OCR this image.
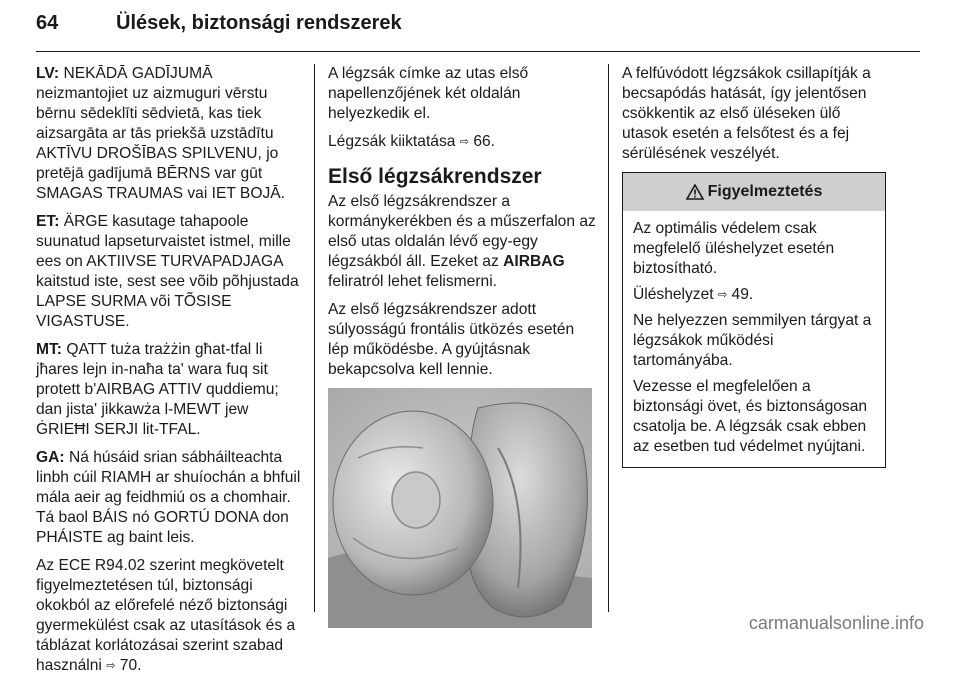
64	Ülések, biztonsági rendszerek

LV: NEKĀDĀ GADĪJUMĀ neizmantojiet uz aizmuguri vērstu bērnu sēdeklīti sēdvietā, kas tiek aizsargāta ar tās priekšā uzstādītu AKTĪVU DROŠĪBAS SPILVENU, jo pretējā gadījumā BĒRNS var gūt SMAGAS TRAUMAS vai IET BOJĀ.

ET: ÄRGE kasutage tahapoole suunatud lapseturvaistet istmel, mille ees on AKTIIVSE TURVAPADJAGA kaitstud iste, sest see võib põhjustada LAPSE SURMA või TÕSISE VIGASTUSE.

MT: QATT tuża trażżin għat-tfal li jħares lejn in-naħa ta' wara fuq sit protett b'AIRBAG ATTIV quddiemu; dan jista' jikkawża l-MEWT jew ĠRIEĦI SERJI lit-TFAL.

GA: Ná húsáid srian sábháilteachta linbh cúil RIAMH ar shuíochán a bhfuil mála aeir ag feidhmiú os a chomhair. Tá baol BÁIS nó GORTÚ DONA don PHÁISTE ag baint leis.

Az ECE R94.02 szerint megkövetelt figyelmeztetésen túl, biztonsági okokból az előrefelé néző biztonsági gyermekülést csak az utasítások és a táblázat korlátozásai szerint szabad használni ⇨ 70.

A légzsák címke az utas első napellenzőjének két oldalán helyezkedik el.

Légzsák kiiktatása ⇨ 66.

Első légzsákrendszer

Az első légzsákrendszer a kormánykerékben és a műszerfalon az első utas oldalán lévő egy-egy légzsákból áll. Ezeket az AIRBAG
feliratról lehet felismerni.

Az első légzsákrendszer adott súlyosságú frontális ütközés esetén lép működésbe. A gyújtásnak bekapcsolva kell lennie.

A felfúvódott légzsákok csillapítják a becsapódás hatását, így jelentősen csökkentik az első üléseken ülő utasok esetén a felsőtest és a fej sérülésének veszélyét.

Figyelmeztetés

Az optimális védelem csak megfelelő üléshelyzet esetén biztosítható.

Üléshelyzet ⇨ 49.

Ne helyezzen semmilyen tárgyat a légzsákok működési tartományába.

Vezesse el megfelelően a biztonsági övet, és biztonságosan csatolja be. A légzsák csak ebben az esetben tud védelmet nyújtani.

carmanualsonline.info
